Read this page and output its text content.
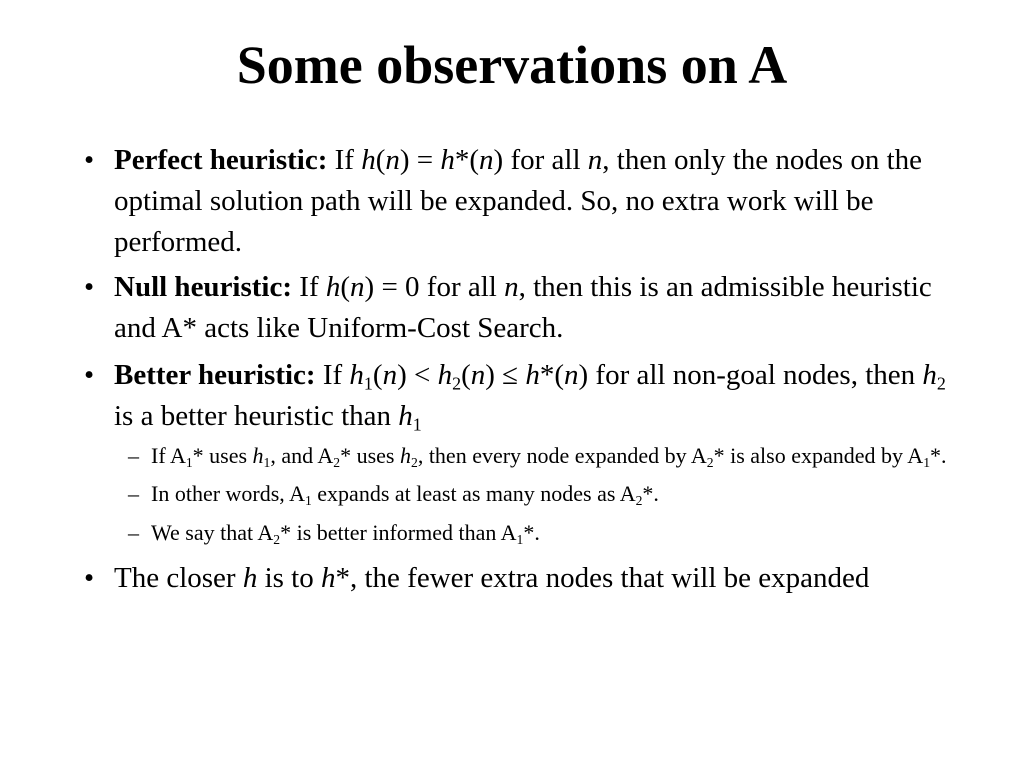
Some observations on A
• Perfect heuristic: If h(n) = h*(n) for all n, then only the nodes on the optimal solution path will be expanded. So, no extra work will be performed.
• Null heuristic: If h(n) = 0 for all n, then this is an admissible heuristic and A* acts like Uniform-Cost Search.
• Better heuristic: If $h_1(n) < h_2(n) \le h*(n)$ for all non-goal nodes, then $h_2$ is a better heuristic than $h_1$
– If $A_1*$ uses $h_1$, and $A_2*$ uses $h_2$, then every node expanded by $A_2*$ is also expanded by $A_1*$.
– In other words, $A_1$ expands at least as many nodes as $A_2*$.
– We say that $A_2*$ is better informed than $A_1*$.
• The closer h is to h*, the fewer extra nodes that will be expanded
